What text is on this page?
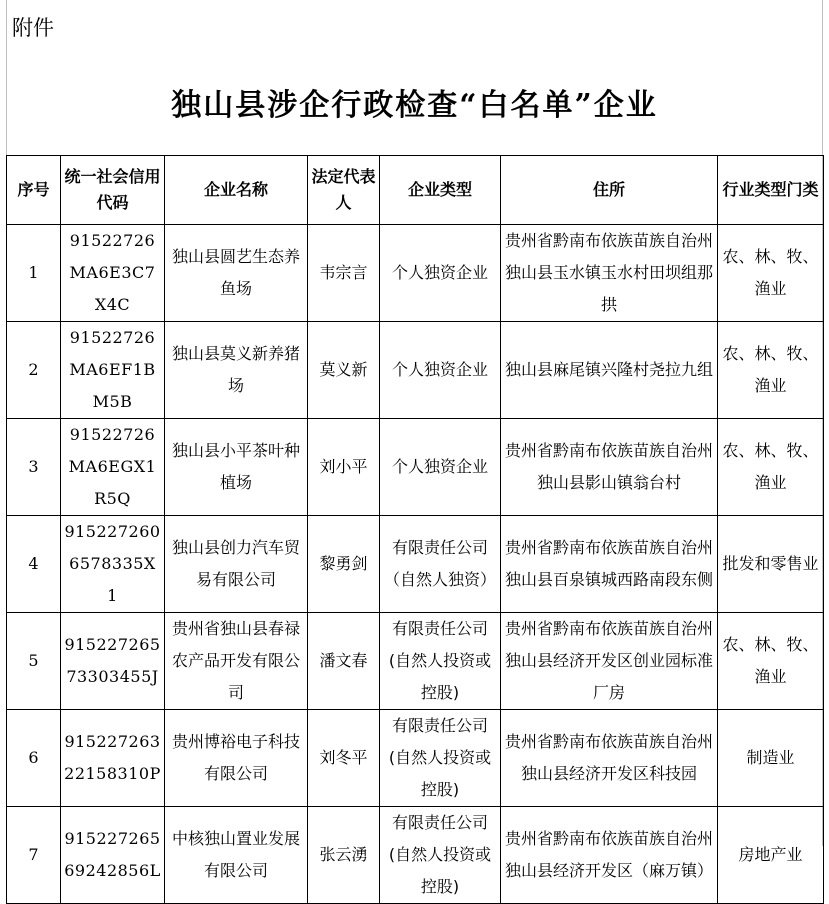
附件
独山县涉企行政检查“白名单”企业
序号	统一社会信用代码	企业名称	法定代表人	企业类型	住所	行业类型门类
1	91522726MA6E3C7X4C	独山县圆艺生态养鱼场	韦宗言	个人独资企业	贵州省黔南布依族苗族自治州独山县玉水镇玉水村田坝组那拱	农、林、牧、渔业
2	91522726MA6EF1BM5B	独山县莫义新养猪场	莫义新	个人独资企业	独山县麻尾镇兴隆村尧拉九组	农、林、牧、渔业
3	91522726MA6EGX1R5Q	独山县小平茶叶种植场	刘小平	个人独资企业	贵州省黔南布依族苗族自治州独山县影山镇翁台村	农、林、牧、渔业
4	9152272606578335X1	独山县创力汽车贸易有限公司	黎勇剑	有限责任公司（自然人独资）	贵州省黔南布依族苗族自治州独山县百泉镇城西路南段东侧	批发和零售业
5	91522726573303455J	贵州省独山县春禄农产品开发有限公司	潘文春	有限责任公司(自然人投资或控股)	贵州省黔南布依族苗族自治州独山县经济开发区创业园标准厂房	农、林、牧、渔业
6	91522726322158310P	贵州博裕电子科技有限公司	刘冬平	有限责任公司(自然人投资或控股)	贵州省黔南布依族苗族自治州独山县经济开发区科技园	制造业
7	91522726569242856L	中核独山置业发展有限公司	张云湧	有限责任公司(自然人投资或控股)	贵州省黔南布依族苗族自治州独山县经济开发区（麻万镇）	房地产业
